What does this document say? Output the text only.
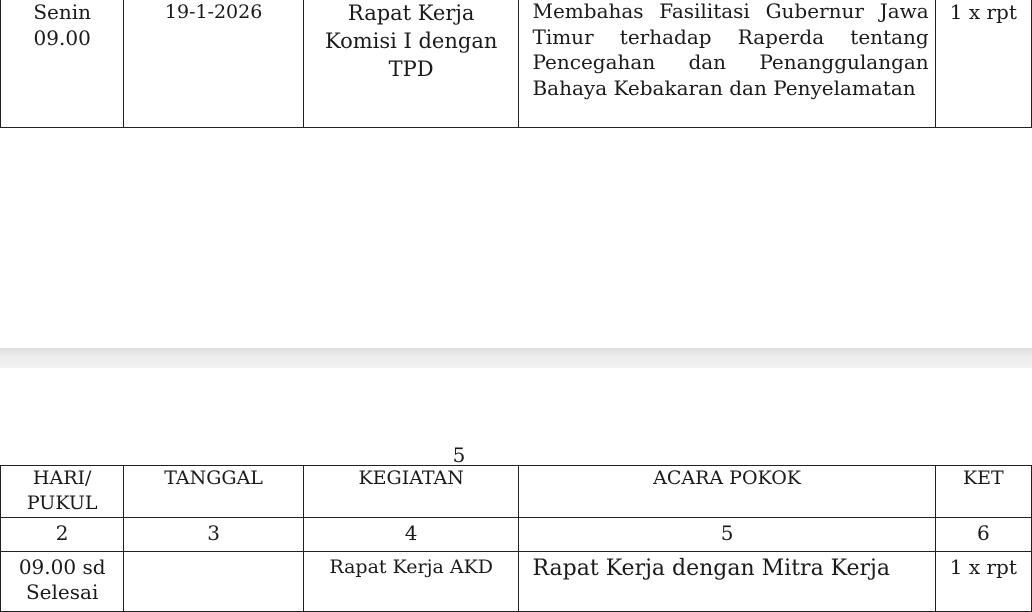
Senin
09.00	19-1-2026	Rapat Kerja Komisi I dengan TPD	Membahas Fasilitasi Gubernur Jawa Timur terhadap Raperda tentang Pencegahan dan Penanggulangan Bahaya Kebakaran dan Penyelamatan	1 x rpt
5
HARI/ PUKUL	TANGGAL	KEGIATAN	ACARA POKOK	KET
2	3	4	5	6
09.00 sd Selesai		Rapat Kerja AKD	Rapat Kerja dengan Mitra Kerja	1 x rpt
